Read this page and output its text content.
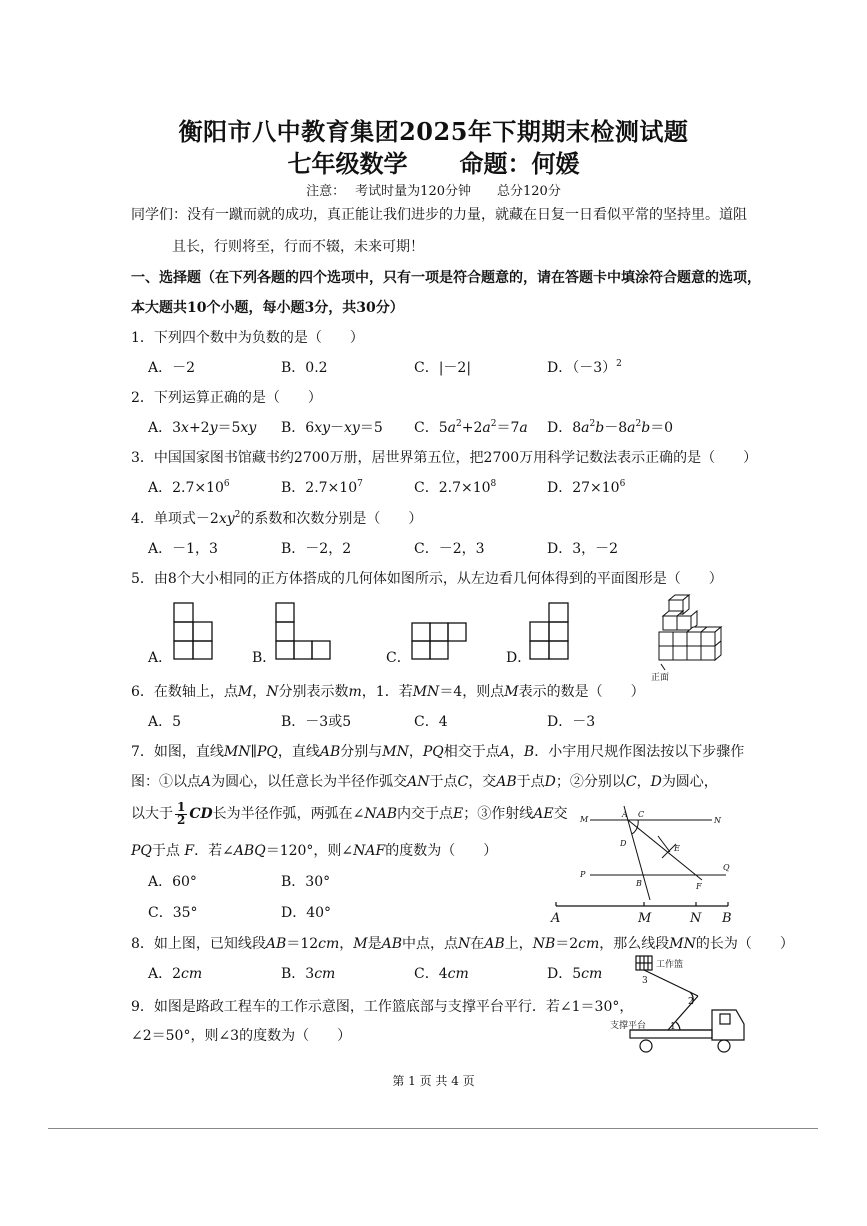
衡阳市八中教育集团2025年下期期末检测试题
七年级数学 命题：何媛
注意： 考试时量为120分钟 总分120分
同学们：没有一蹴而就的成功，真正能让我们进步的力量，就藏在日复一日看似平常的坚持里。道阻
且长，行则将至，行而不辍，未来可期！
一、选择题（在下列各题的四个选项中，只有一项是符合题意的，请在答题卡中填涂符合题意的选项，
本大题共10个小题，每小题3分，共30分）
1．下列四个数中为负数的是（　　）
A．－2	B．0.2	C．|－2|	D．$(-3)^2$
2．下列运算正确的是（　　）
A．3x+2y＝5xy B．6xy－xy＝5 C．$5a^2+2a^2=7a$ D．$8a^2b-8a^2b=0$
3．中国国家图书馆藏书约2700万册，居世界第五位，把2700万用科学记数法表示正确的是（　　）
A．$2.7\times 10^6$	B．$2.7\times 10^7$	C．$2.7\times 10^8$	D．$27\times 10^6$
4．单项式$-2xy^2$的系数和次数分别是（　　）
A．－1，3	B．－2，2	C．－2，3	D．3，－2
5．由8个大小相同的正方体搭成的几何体如图所示，从左边看几何体得到的平面图形是（　　）
A．	B．	C．	D．
正面
6．在数轴上，点M，N分别表示数m，1．若MN＝4，则点M表示的数是（　　）
A．5	B．－3或5	C．4	D．－3
7．如图，直线MN∥PQ，直线AB分别与MN，PQ相交于点A，B．小宇用尺规作图法按以下步骤作
图：①以点A为圆心，以任意长为半径作弧交AN于点C，交AB于点D；②分别以C，D为圆心，
以大于 $\frac{1}{2}$ CD长为半径作弧，两弧在∠NAB内交于点E；③作射线AE交
PQ于点 F．若∠ABQ＝120°，则∠NAF的度数为（　　）
A．60°	B．30°
C．35°	D．40°
M	N
P
Q
A
B
C
D
E
F
A	M	N B
8．如上图，已知线段AB＝12cm，M是AB中点，点N在AB上，NB＝2cm，那么线段MN的长为（　　）
A．2cm	B．3cm	C．4cm	D．5cm
9．如图是路政工程车的工作示意图，工作篮底部与支撑平台平行．若∠1＝30°，
∠2＝50°，则∠3的度数为（　　）
工作篮
支撑平台	1
2
3
第 1 页 共 4 页
